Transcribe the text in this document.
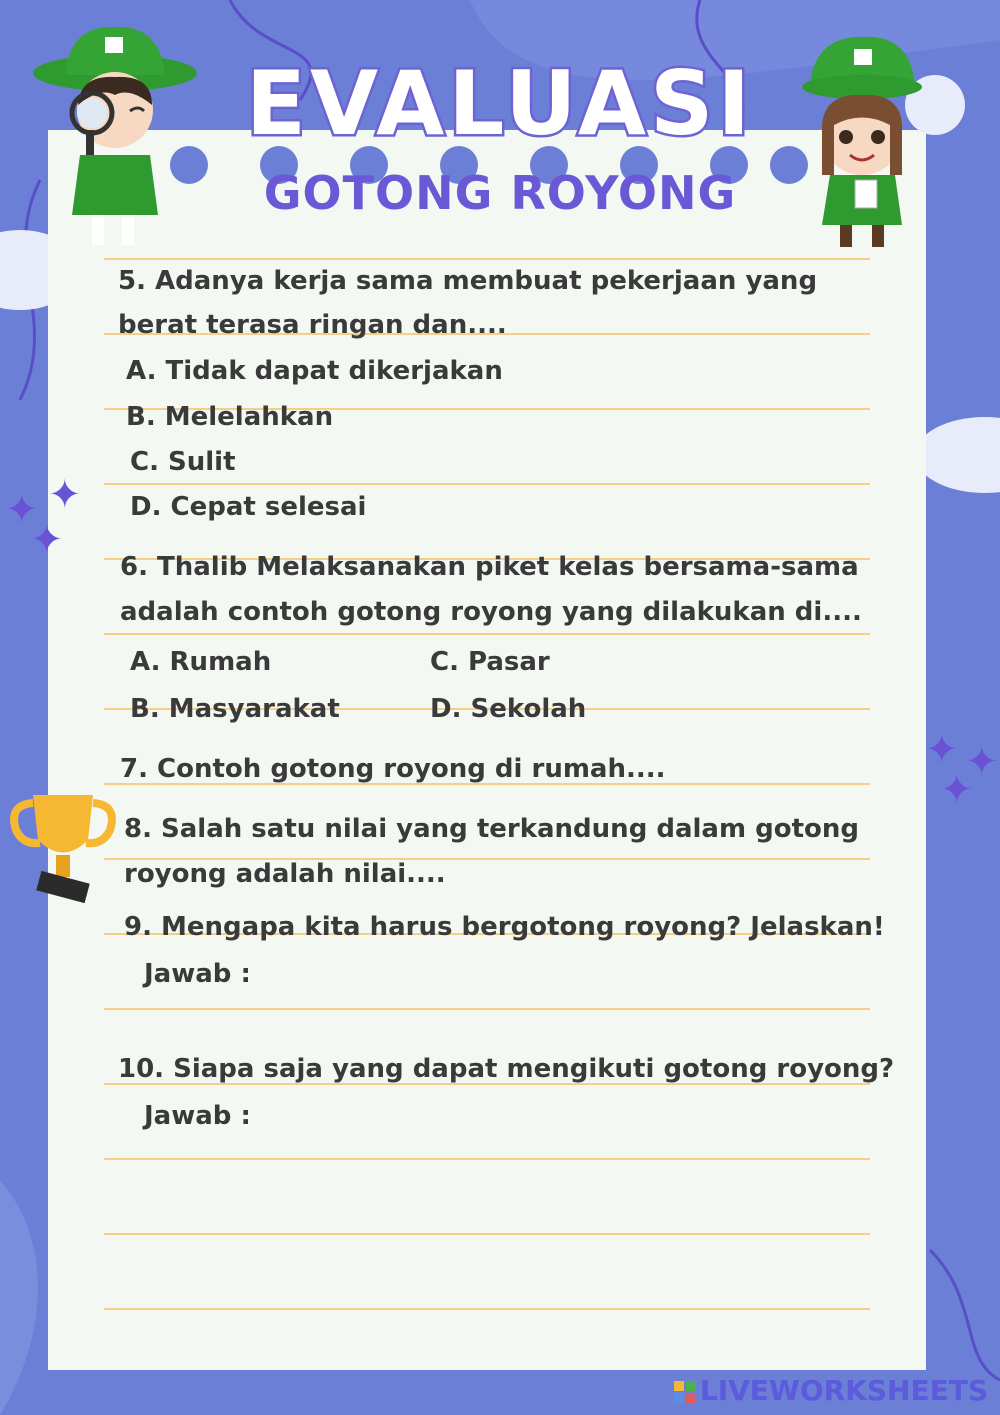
✦ ✦
✦
✦ ✦
✦
EVALUASI
GOTONG ROYONG
5. Adanya kerja sama membuat pekerjaan yang
berat terasa ringan dan....
A. Tidak dapat dikerjakan
B. Melelahkan
C. Sulit
D. Cepat selesai
6. Thalib Melaksanakan piket kelas bersama-sama
adalah contoh gotong royong yang dilakukan di....
A. Rumah	C. Pasar
B. Masyarakat	D. Sekolah
7. Contoh gotong royong di rumah....
8. Salah satu nilai yang terkandung dalam gotong
royong adalah nilai....
9. Mengapa kita harus bergotong royong? Jelaskan!
Jawab :
10. Siapa saja yang dapat mengikuti gotong royong?
Jawab :
LIVEWORKSHEETS
